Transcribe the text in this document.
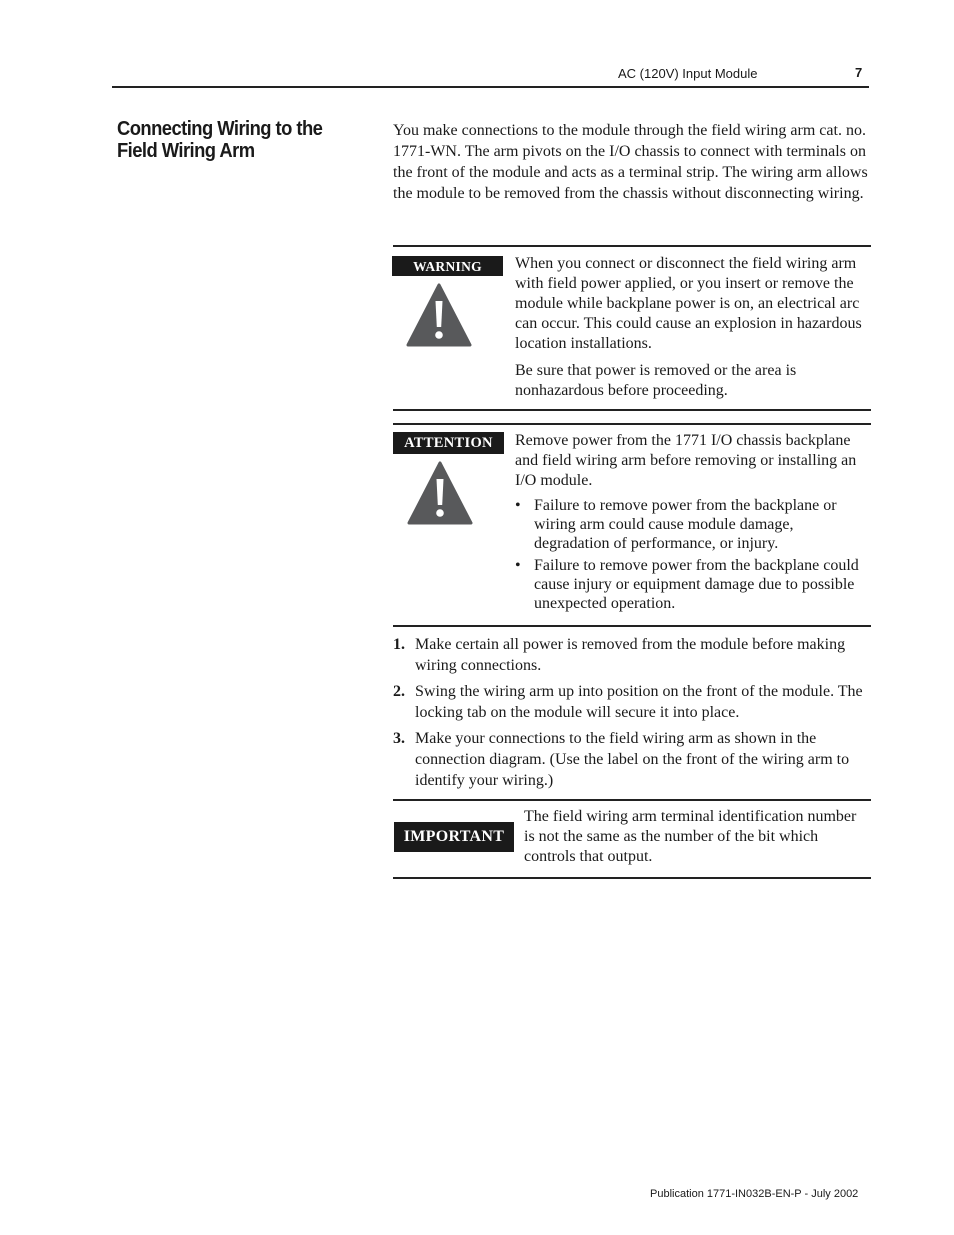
AC (120V) Input Module	7
Connecting Wiring to the Field Wiring Arm

You make connections to the module through the field wiring arm cat. no. 1771-WN. The arm pivots on the I/O chassis to connect with terminals on the front of the module and acts as a terminal strip. The wiring arm allows the module to be removed from the chassis without disconnecting wiring.

WARNING	When you connect or disconnect the field wiring arm with field power applied, or you insert or remove the module while backplane power is on, an electrical arc can occur. This could cause an explosion in hazardous location installations.

Be sure that power is removed or the area is nonhazardous before proceeding.

ATTENTION	Remove power from the 1771 I/O chassis backplane and field wiring arm before removing or installing an I/O module.
• Failure to remove power from the backplane or wiring arm could cause module damage, degradation of performance, or injury.
• Failure to remove power from the backplane could cause injury or equipment damage due to possible unexpected operation.
1. Make certain all power is removed from the module before making wiring connections.
2. Swing the wiring arm up into position on the front of the module. The locking tab on the module will secure it into place.
3. Make your connections to the field wiring arm as shown in the connection diagram. (Use the label on the front of the wiring arm to identify your wiring.)
IMPORTANT
The field wiring arm terminal identification number is not the same as the number of the bit which controls that output.
Publication 1771-IN032B-EN-P - July 2002
